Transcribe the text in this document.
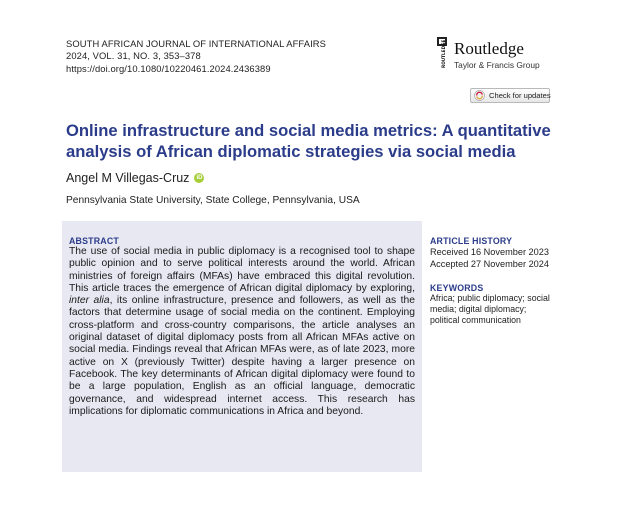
SOUTH AFRICAN JOURNAL OF INTERNATIONAL AFFAIRS
2024, VOL. 31, NO. 3, 353–378
https://doi.org/10.1080/10220461.2024.2436389
ROUTLEDGE Routledge
Taylor & Francis Group
Check for updates
Online infrastructure and social media metrics: A quantitative analysis of African diplomatic strategies via social media
Angel M Villegas-Cruz	iD
Pennsylvania State University, State College, Pennsylvania, USA
ABSTRACT
The use of social media in public diplomacy is a recognised tool to shape public opinion and to serve political interests around the world. African ministries of foreign affairs (MFAs) have embraced this digital revolution. This article traces the emergence of African digital diplomacy by exploring, inter alia, its online infrastructure, presence and followers, as well as the factors that determine usage of social media on the continent. Employing cross-platform and cross-country comparisons, the article analyses an original dataset of digital diplomacy posts from all African MFAs active on social media. Findings reveal that African MFAs were, as of late 2023, more active on X (previously Twitter) despite having a larger presence on Facebook. The key determinants of African digital diplomacy were found to be a large population, English as an official language, democratic governance, and widespread internet access. This research has implications for diplomatic communications in Africa and beyond.
ARTICLE HISTORY
Received 16 November 2023
Accepted 27 November 2024
KEYWORDS
Africa; public diplomacy; social media; digital diplomacy; political communication
